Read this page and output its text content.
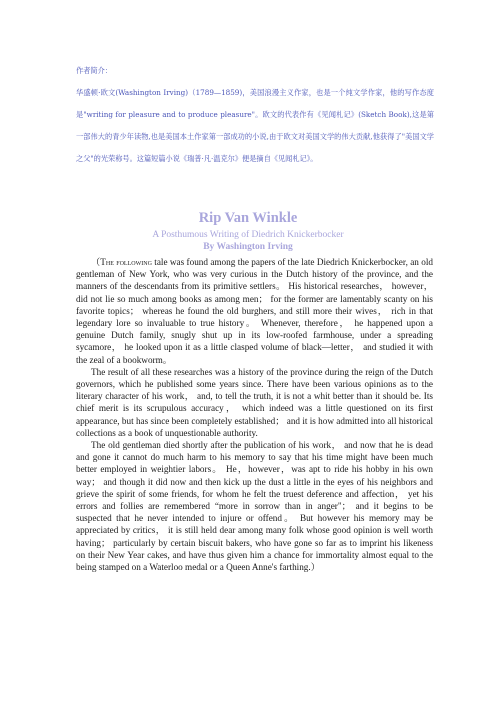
作者简介：
华盛顿·欧文(Washington Irving)（1789—1859)，美国浪漫主义作家，也是一个纯文学作家，他的写作态度是"writing for pleasure and to produce pleasure"。欧文的代表作有《见闻札记》(Sketch Book),这是第一部伟大的青少年读物,也是美国本土作家第一部成功的小说,由于欧文对美国文学的伟大贡献,他获得了"美国文学之父"的光荣称号。这篇短篇小说《瑞普·凡·温克尔》便是摘自《见闻札记》。
Rip Van Winkle
A Posthumous Writing of Diedrich Knickerbocker
By Washington Irving

（The following tale was found among the papers of the late Diedrich Knickerbocker, an old gentleman of New York, who was very curious in the Dutch history of the province, and the manners of the descendants from its primitive settlers。 His historical researches， however， did not lie so much among books as among men； for the former are lamentably scanty on his favorite topics； whereas he found the old burghers, and still more their wives， rich in that legendary lore so invaluable to true history。 Whenever, therefore， he happened upon a genuine Dutch family, snugly shut up in its low-roofed farmhouse, under a spreading sycamore， he looked upon it as a little clasped volume of black—letter， and studied it with the zeal of a bookworm。

The result of all these researches was a history of the province during the reign of the Dutch governors, which he published some years since. There have been various opinions as to the literary character of his work， and, to tell the truth, it is not a whit better than it should be. Its chief merit is its scrupulous accuracy， which indeed was a little questioned on its first appearance, but has since been completely established； and it is how admitted into all historical collections as a book of unquestionable authority.

The old gentleman died shortly after the publication of his work， and now that he is dead and gone it cannot do much harm to his memory to say that his time might have been much better employed in weightier labors。 He，however，was apt to ride his hobby in his own way； and though it did now and then kick up the dust a little in the eyes of his neighbors and grieve the spirit of some friends, for whom he felt the truest deference and affection， yet his errors and follies are remembered “more in sorrow than in anger"； and it begins to be suspected that he never intended to injure or offend。 But however his memory may be appreciated by critics， it is still held dear among many folk whose good opinion is well worth having； particularly by certain biscuit bakers, who have gone so far as to imprint his likeness on their New Year cakes, and have thus given him a chance for immortality almost equal to the being stamped on a Waterloo medal or a Queen Anne's farthing.）
